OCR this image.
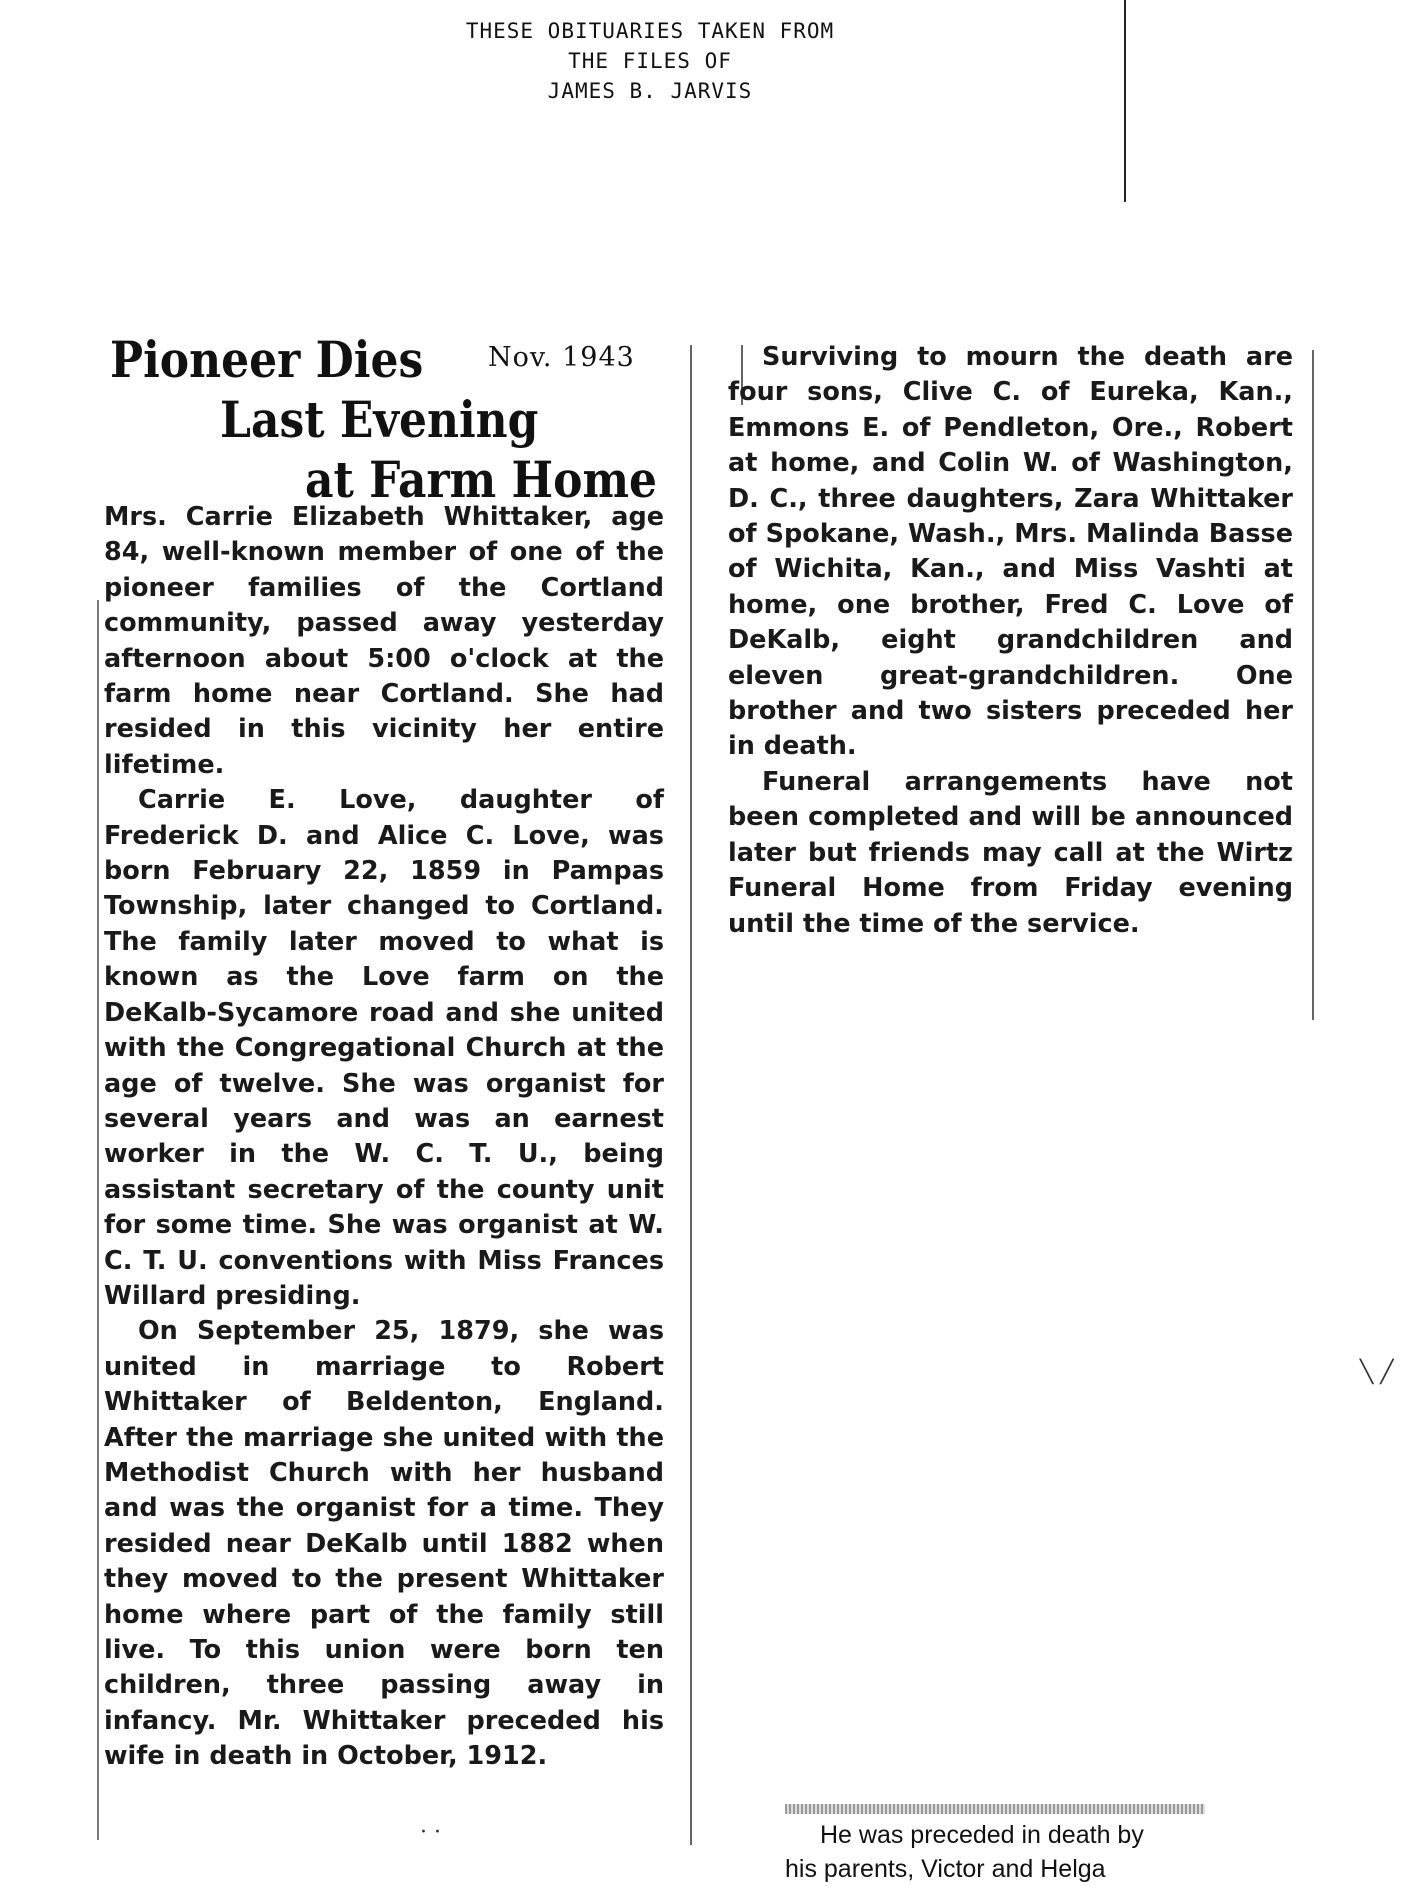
THESE OBITUARIES TAKEN FROM
THE FILES OF
JAMES B. JARVIS
Pioneer Dies
Last Evening
at Farm Home
Nov. 1943

Mrs. Carrie Elizabeth Whittaker, age 84, well-known member of one of the pioneer families of the Cortland community, passed away yesterday afternoon about 5:00 o'clock at the farm home near Cortland. She had resided in this vicinity her entire lifetime.

Carrie E. Love, daughter of Frederick D. and Alice C. Love, was born February 22, 1859 in Pampas Township, later changed to Cortland. The family later moved to what is known as the Love farm on the DeKalb-Sycamore road and she united with the Congregational Church at the age of twelve. She was organist for several years and was an earnest worker in the W. C. T. U., being assistant secretary of the county unit for some time. She was organist at W. C. T. U. conventions with Miss Frances Willard presiding.

On September 25, 1879, she was united in marriage to Robert Whittaker of Beldenton, England. After the marriage she united with the Methodist Church with her husband and was the organist for a time. They resided near DeKalb until 1882 when they moved to the present Whittaker home where part of the family still live. To this union were born ten children, three passing away in infancy. Mr. Whittaker preceded his wife in death in October, 1912.

Surviving to mourn the death are four sons, Clive C. of Eureka, Kan., Emmons E. of Pendleton, Ore., Robert at home, and Colin W. of Washington, D. C., three daughters, Zara Whittaker of Spokane, Wash., Mrs. Malinda Basse of Wichita, Kan., and Miss Vashti at home, one brother, Fred C. Love of DeKalb, eight grandchildren and eleven great-grandchildren. One brother and two sisters preceded her in death.

Funeral arrangements have not been completed and will be announced later but friends may call at the Wirtz Funeral Home from Friday evening until the time of the service.

╲ ╱
· ·	He was preceded in death by
his parents, Victor and Helga
